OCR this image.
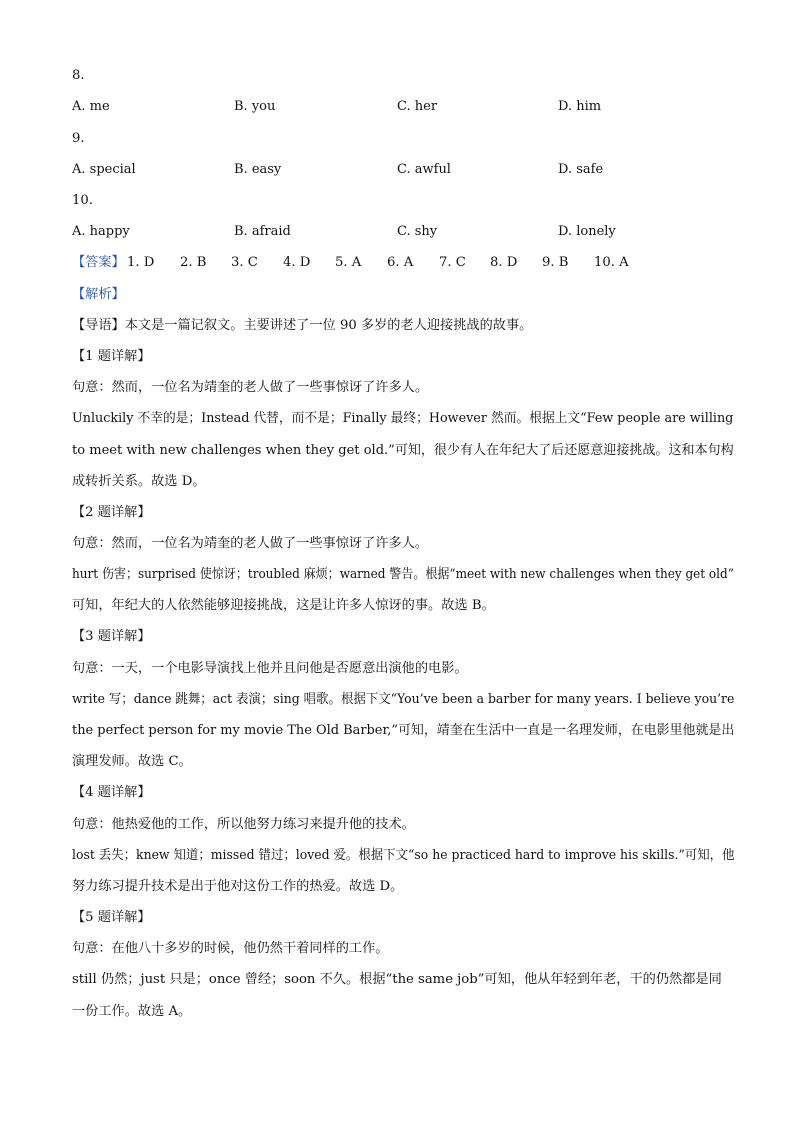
8.
A. me	B. you	C. her	D. him
9.
A. special	B. easy	C. awful	D. safe
10.
A. happy	B. afraid	C. shy	D. lonely
【答案】 1. D 2. B 3. C 4. D 5. A 6. A 7. C 8. D 9. B 10. A
【解析】
【导语】本文是一篇记叙文。主要讲述了一位 90 多岁的老人迎接挑战的故事。
【1 题详解】
句意：然而，一位名为靖奎的老人做了一些事惊讶了许多人。
Unluckily 不幸的是；Instead 代替，而不是；Finally 最终；However 然而。根据上文“Few people are willing
to meet with new challenges when they get old.”可知，很少有人在年纪大了后还愿意迎接挑战。这和本句构
成转折关系。故选 D。
【2 题详解】
句意：然而，一位名为靖奎的老人做了一些事惊讶了许多人。
hurt 伤害；surprised 使惊讶；troubled 麻烦；warned 警告。根据“meet with new challenges when they get old”
可知，年纪大的人依然能够迎接挑战，这是让许多人惊讶的事。故选 B。
【3 题详解】
句意：一天，一个电影导演找上他并且问他是否愿意出演他的电影。
write 写；dance 跳舞；act 表演；sing 唱歌。根据下文“You’ve been a barber for many years. I believe you’re
the perfect person for my movie The Old Barber,”可知，靖奎在生活中一直是一名理发师，在电影里他就是出
演理发师。故选 C。
【4 题详解】
句意：他热爱他的工作，所以他努力练习来提升他的技术。
lost 丢失；knew 知道；missed 错过；loved 爱。根据下文“so he practiced hard to improve his skills.”可知，他
努力练习提升技术是出于他对这份工作的热爱。故选 D。
【5 题详解】
句意：在他八十多岁的时候，他仍然干着同样的工作。
still 仍然；just 只是；once 曾经；soon 不久。根据“the same job”可知，他从年轻到年老，干的仍然都是同
一份工作。故选 A。
